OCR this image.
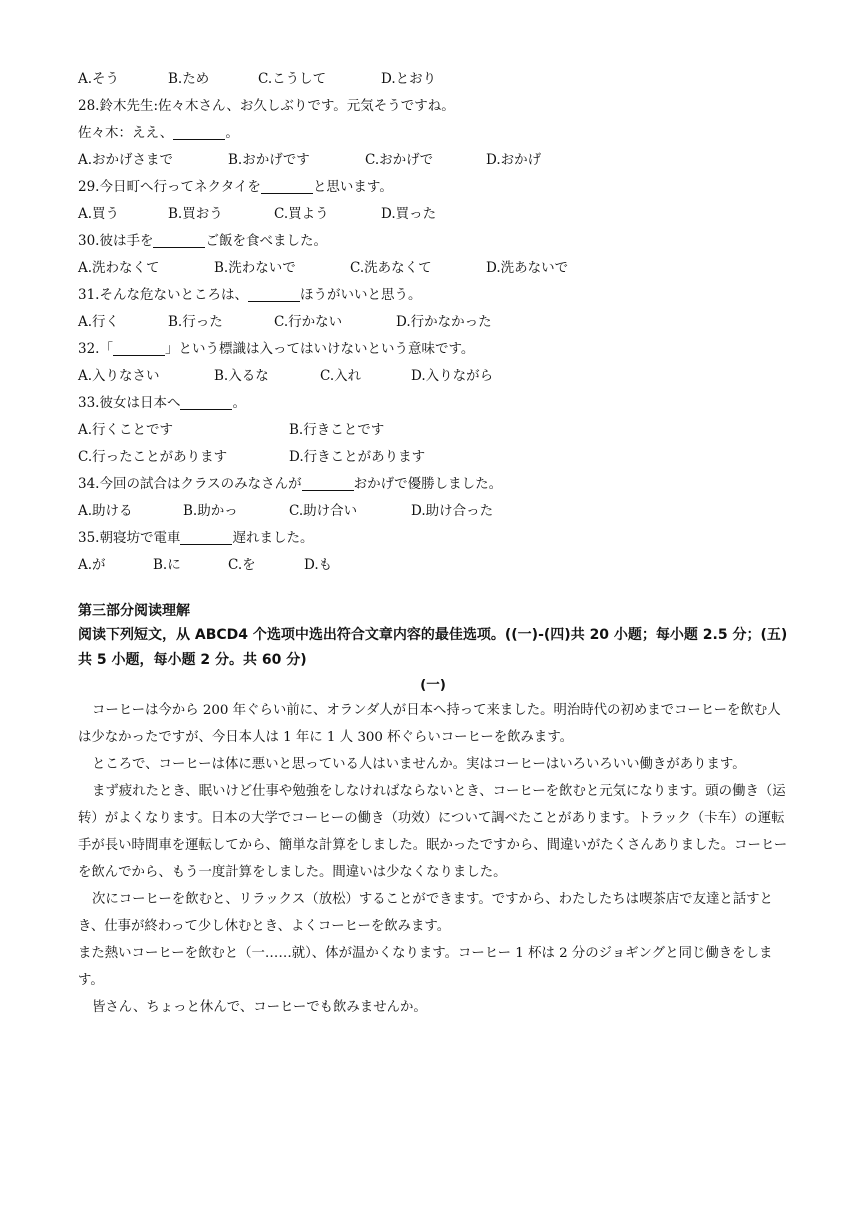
A.そう	B.ため	C.こうして	D.とおり
28.鈴木先生:佐々木さん、お久しぶりです。元気そうですね。
佐々木：ええ、	。
A.おかげさまで	B.おかげです	C.おかげで	D.おかげ
29.今日町へ行ってネクタイを	と思います。
A.買う	B.買おう	C.買よう	D.買った
30.彼は手を	ご飯を食べました。
A.洗わなくて	B.洗わないで	C.洗あなくて	D.洗あないで
31.そんな危ないところは、	ほうがいいと思う。
A.行く	B.行った	C.行かない	D.行かなかった
32.「	」という標識は入ってはいけないという意味です。
A.入りなさい	B.入るな	C.入れ	D.入りながら
33.彼女は日本へ	。
A.行くことです	B.行きことです
C.行ったことがあります	D.行きことがあります
34.今回の試合はクラスのみなさんが	おかげで優勝しました。
A.助ける	B.助かっ	C.助け合い	D.助け合った
35.朝寝坊で電車	遅れました。
A.が	B.に	C.を	D.も
第三部分阅读理解
阅读下列短文，从 ABCD4 个选项中选出符合文章内容的最佳选项。((一)-(四)共 20 小题；每小题 2.5 分；(五)共 5 小题，每小题 2 分。共 60 分)
(一)
コーヒーは今から 200 年ぐらい前に、オランダ人が日本へ持って来ました。明治時代の初めまでコーヒーを飲む人は少なかったですが、今日本人は 1 年に 1 人 300 杯ぐらいコーヒーを飲みます。
ところで、コーヒーは体に悪いと思っている人はいませんか。実はコーヒーはいろいろいい働きがあります。
まず疲れたとき、眠いけど仕事や勉強をしなければならないとき、コーヒーを飲むと元気になります。頭の働き（运转）がよくなります。日本の大学でコーヒーの働き（功效）について調べたことがあります。トラック（卡车）の運転手が長い時間車を運転してから、簡単な計算をしました。眠かったですから、間違いがたくさんありました。コーヒーを飲んでから、もう一度計算をしました。間違いは少なくなりました。
次にコーヒーを飲むと、リラックス（放松）することができます。ですから、わたしたちは喫茶店で友達と話すとき、仕事が終わって少し休むとき、よくコーヒーを飲みます。
また熱いコーヒーを飲むと（一……就）、体が温かくなります。コーヒー 1 杯は 2 分のジョギングと同じ働きをします。
皆さん、ちょっと休んで、コーヒーでも飲みませんか。
